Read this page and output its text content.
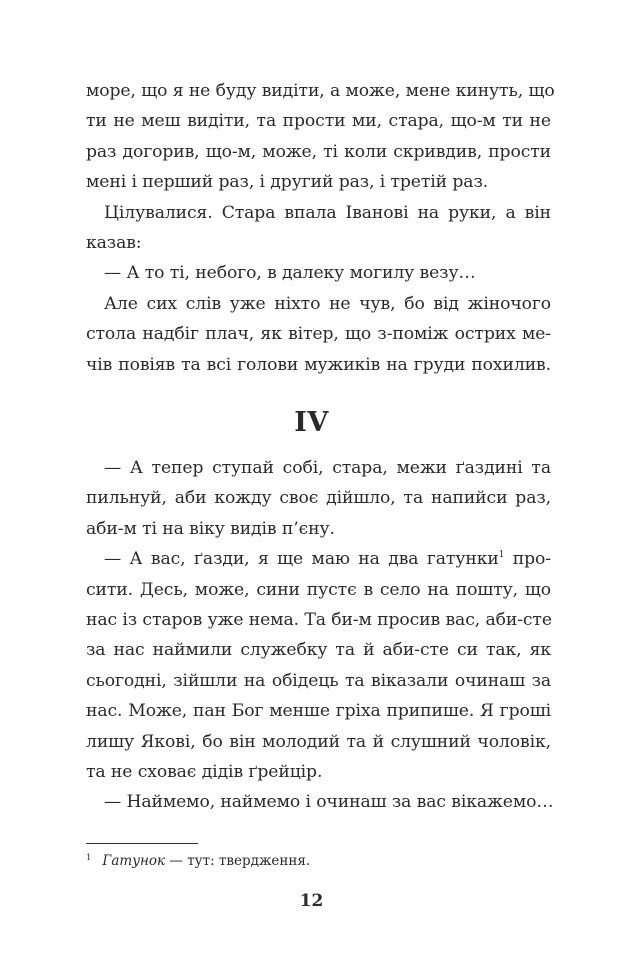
море, що я не буду видіти, а може, мене кинуть, що
ти не меш видіти, та прости ми, стара, що-м ти не
раз догорив, що-м, може, ті коли скривдив, прости
мені і перший раз, і другий раз, і третій раз.
Цілувалися. Стара впала Іванові на руки, а він
казав:
— А то ті, небого, в далеку могилу везу…
Але сих слів уже ніхто не чув, бо від жіночого
стола надбіг плач, як вітер, що з-поміж острих ме-
чів повіяв та всі голови мужиків на груди похилив.
IV
— А тепер ступай собі, стара, межи ґаздині та
пильнуй, аби кожду своє дійшло, та напийси раз,
аби-м ті на віку видів п’єну.
— А вас, ґазди, я ще маю на два гатунки$^1$ про-
сити. Десь, може, сини пустє в село на пошту, що
нас із старов уже нема. Та би-м просив вас, аби-сте
за нас наймили служебку та й аби-сте си так, як
сьогодні, зійшли на обідець та віказали очинаш за
нас. Може, пан Бог менше гріха припише. Я гроші
лишу Якові, бо він молодий та й слушний чоловік,
та не сховає дідів ґрейцір.
— Наймемо, наймемо і очинаш за вас вікажемо…
$^1$ Гатунок — тут: твердження.
12
